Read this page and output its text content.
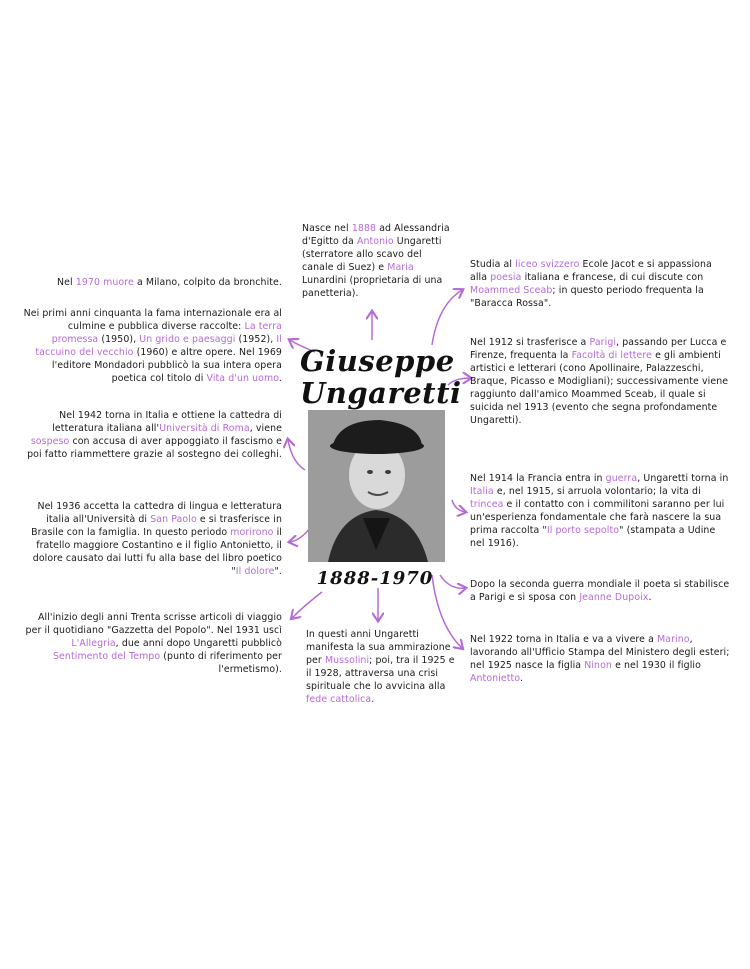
Giuseppe
Ungaretti
1888-1970
Nasce nel 1888 ad Alessandria d'Egitto da Antonio Ungaretti (sterratore allo scavo del canale di Suez) e Maria Lunardini (proprietaria di una panetteria).
Studia al liceo svizzero Ecole Jacot e si appassiona alla poesia italiana e francese, di cui discute con Moammed Sceab; in questo periodo frequenta la "Baracca Rossa".
Nel 1912 si trasferisce a Parigi, passando per Lucca e Firenze, frequenta la Facoltà di lettere e gli ambienti artistici e letterari (cono Apollinaire, Palazzeschi, Braque, Picasso e Modigliani); successivamente viene raggiunto dall'amico Moammed Sceab, il quale si suicida nel 1913 (evento che segna profondamente Ungaretti).
Nel 1914 la Francia entra in guerra, Ungaretti torna in Italia e, nel 1915, si arruola volontario; la vita di trincea e il contatto con i commilitoni saranno per lui un'esperienza fondamentale che farà nascere la sua prima raccolta "Il porto sepolto" (stampata a Udine nel 1916).
Dopo la seconda guerra mondiale il poeta si stabilisce a Parigi e si sposa con Jeanne Dupoix.
Nel 1922 torna in Italia e va a vivere a Marino, lavorando all'Ufficio Stampa del Ministero degli esteri; nel 1925 nasce la figlia Ninon e nel 1930 il figlio Antonietto.
In questi anni Ungaretti manifesta la sua ammirazione per Mussolini; poi, tra il 1925 e il 1928, attraversa una crisi spirituale che lo avvicina alla fede cattolica.
All'inizio degli anni Trenta scrisse articoli di viaggio per il quotidiano "Gazzetta del Popolo". Nel 1931 uscì L'Allegria, due anni dopo Ungaretti pubblicò Sentimento del Tempo (punto di riferimento per l'ermetismo).
Nel 1936 accetta la cattedra di lingua e letteratura italia all'Università di San Paolo e si trasferisce in Brasile con la famiglia. In questo periodo morirono il fratello maggiore Costantino e il figlio Antonietto, il dolore causato dai lutti fu alla base del libro poetico "Il dolore".
Nel 1942 torna in Italia e ottiene la cattedra di letteratura italiana all'Università di Roma, viene sospeso con accusa di aver appoggiato il fascismo e poi fatto riammettere grazie al sostegno dei colleghi.
Nei primi anni cinquanta la fama internazionale era al culmine e pubblica diverse raccolte: La terra promessa (1950), Un grido e paesaggi (1952), Il taccuino del vecchio (1960) e altre opere. Nel 1969 l'editore Mondadori pubblicò la sua intera opera poetica col titolo di Vita d'un uomo.
Nel 1970 muore a Milano, colpito da bronchite.
